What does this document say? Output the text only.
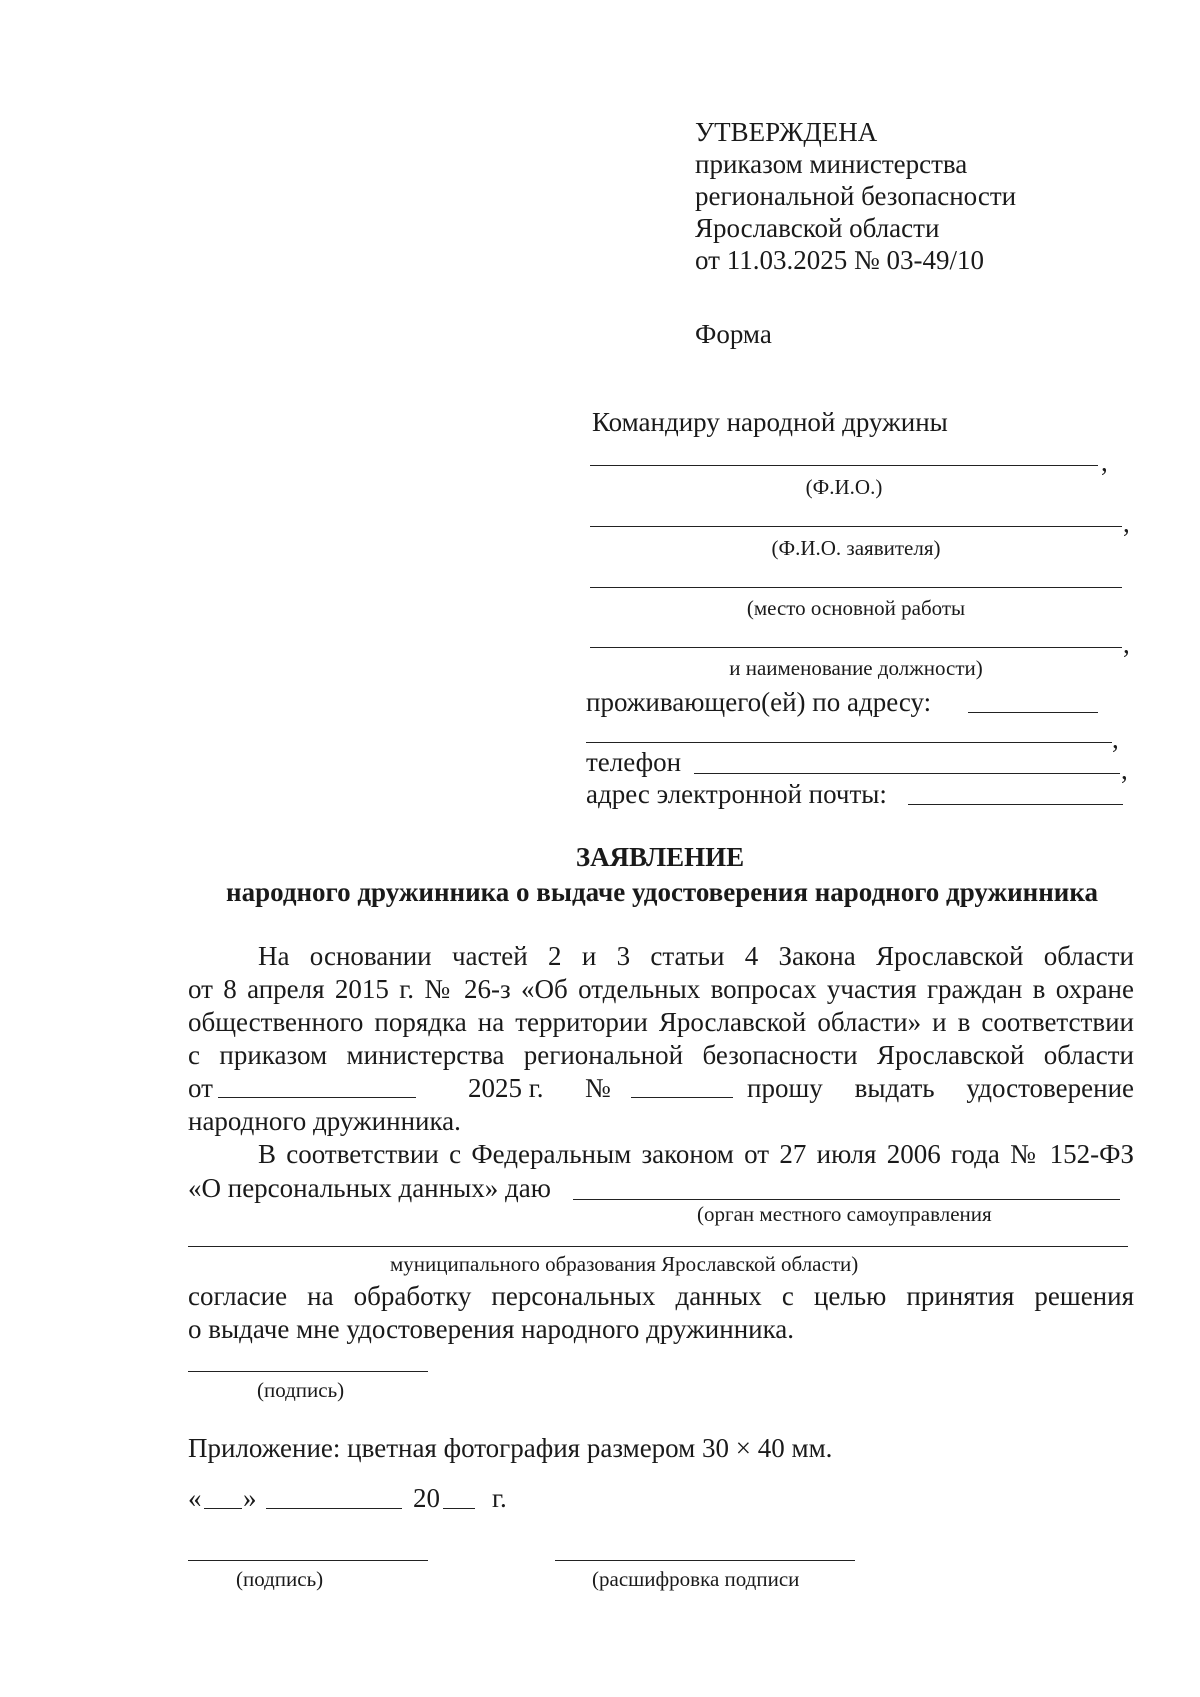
УТВЕРЖДЕНА
приказом министерства
региональной безопасности
Ярославской области
от 11.03.2025 № 03-49/10
Форма
Командиру народной дружины
,
(Ф.И.О.)
,
(Ф.И.О. заявителя)
(место основной работы
,
и наименование должности)
проживающего(ей) по адресу:
,
телефон	,
адрес электронной почты:
ЗАЯВЛЕНИЕ
народного дружинника о выдаче удостоверения народного дружинника
На основании частей 2 и 3 статьи 4 Закона Ярославской области
от 8 апреля 2015 г. № 26-з «Об отдельных вопросах участия граждан в охране
общественного порядка на территории Ярославской области» и в соответствии
с приказом министерства региональной безопасности Ярославской области
от	2025 г. №	прошу выдать удостоверение
народного дружинника.
В соответствии с Федеральным законом от 27 июля 2006 года № 152-ФЗ
«О персональных данных» даю
(орган местного самоуправления
муниципального образования Ярославской области)
согласие на обработку персональных данных с целью принятия решения
о выдаче мне удостоверения народного дружинника.
(подпись)
Приложение: цветная фотография размером 30 × 40 мм.
« »	20 г.
(подпись)	(расшифровка подписи
